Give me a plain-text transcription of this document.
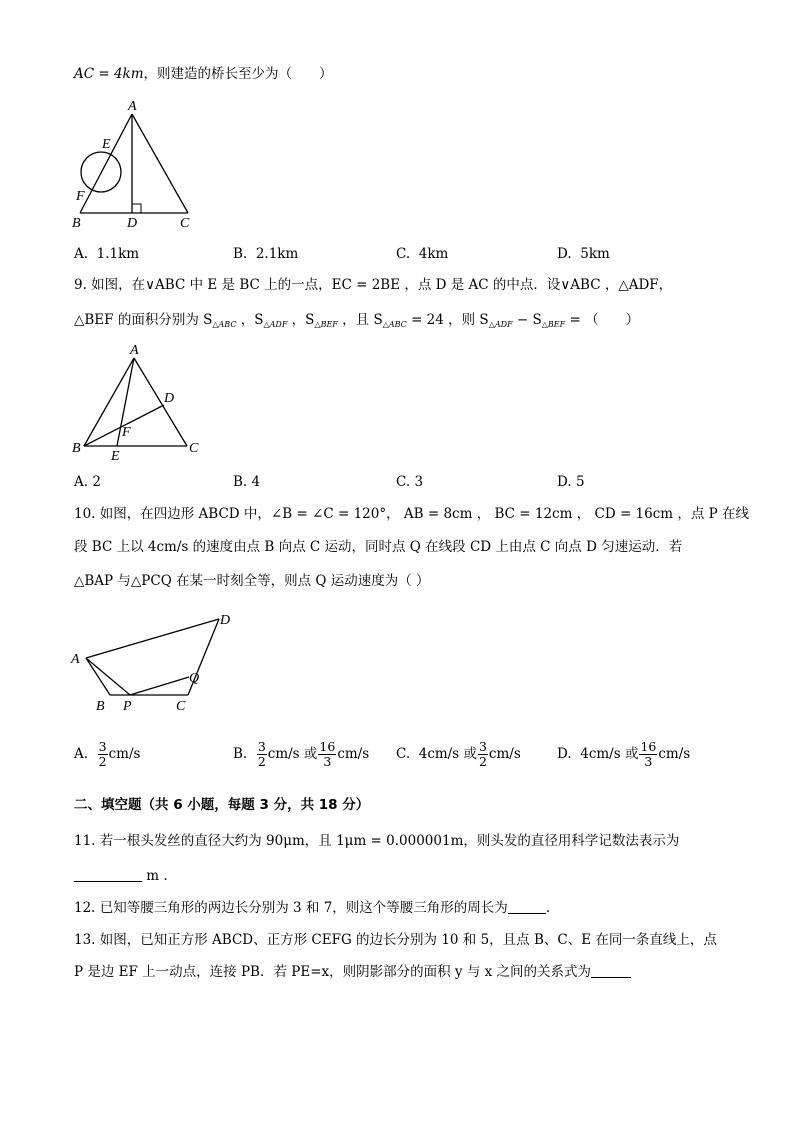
AC = 4km，则建造的桥长至少为（　　）
A
E
F
B	D	C
A. 1.1km	B. 2.1km	C. 4km	D. 5km
9. 如图，在∨ABC 中 E 是 BC 上的一点，EC = 2BE ，点 D 是 AC 的中点．设∨ABC ，△ADF，
△BEF 的面积分别为 $S_{\triangle ABC}$ ，$S_{\triangle ADF}$ ，$S_{\triangle BEF}$ ，且 $S_{\triangle ABC} = 24$ ，则 $S_{\triangle ADF} - S_{\triangle BEF}$ = （　　）
A
D
F
B
E
C
A. 2	B. 4	C. 3	D. 5
10. 如图，在四边形 ABCD 中，∠B = ∠C = 120°， AB = 8cm ， BC = 12cm ， CD = 16cm ，点 P 在线
段 BC 上以 4cm/s 的速度由点 B 向点 C 运动，同时点 Q 在线段 CD 上由点 C 向点 D 匀速运动．若
△BAP 与△PCQ 在某一时刻全等，则点 Q 运动速度为（ ）
D
A
Q
B P	C
A. $\frac{3}{2} cm/s$	B. $\frac{3}{2} cm/s$ 或 $\frac{16}{3} cm/s$ C. 4cm/s 或 $\frac{3}{2} cm/s$	D. 4cm/s 或 $\frac{16}{3} cm/s$
二、填空题（共 6 小题，每题 3 分，共 18 分）
11. 若一根头发丝的直径大约为 90μm，且 1μm = 0.000001m，则头发的直径用科学记数法表示为
m .
12. 已知等腰三角形的两边长分别为 3 和 7，则这个等腰三角形的周长为	.
13. 如图，已知正方形 ABCD、正方形 CEFG 的边长分别为 10 和 5，且点 B、C、E 在同一条直线上，点
P 是边 EF 上一动点，连接 PB．若 PE=x，则阴影部分的面积 y 与 x 之间的关系式为
